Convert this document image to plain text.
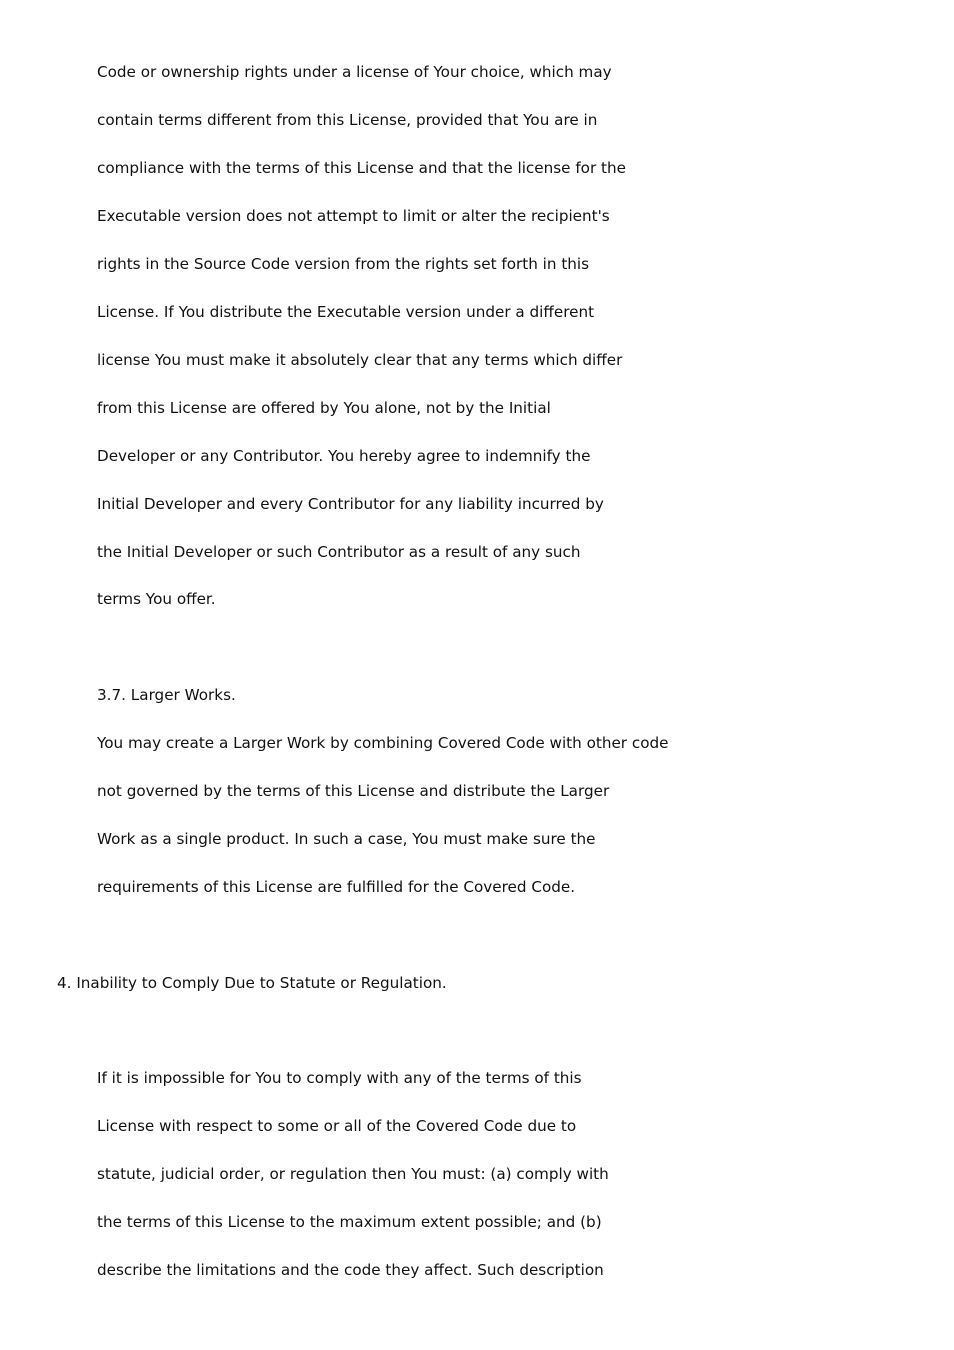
Code or ownership rights under a license of Your choice, which may
contain terms different from this License, provided that You are in
compliance with the terms of this License and that the license for the
Executable version does not attempt to limit or alter the recipient's
rights in the Source Code version from the rights set forth in this
License. If You distribute the Executable version under a different
license You must make it absolutely clear that any terms which differ
from this License are offered by You alone, not by the Initial
Developer or any Contributor. You hereby agree to indemnify the
Initial Developer and every Contributor for any liability incurred by
the Initial Developer or such Contributor as a result of any such
terms You offer.
3.7. Larger Works.
You may create a Larger Work by combining Covered Code with other code
not governed by the terms of this License and distribute the Larger
Work as a single product. In such a case, You must make sure the
requirements of this License are fulfilled for the Covered Code.
4. Inability to Comply Due to Statute or Regulation.
If it is impossible for You to comply with any of the terms of this
License with respect to some or all of the Covered Code due to
statute, judicial order, or regulation then You must: (a) comply with
the terms of this License to the maximum extent possible; and (b)
describe the limitations and the code they affect. Such description
